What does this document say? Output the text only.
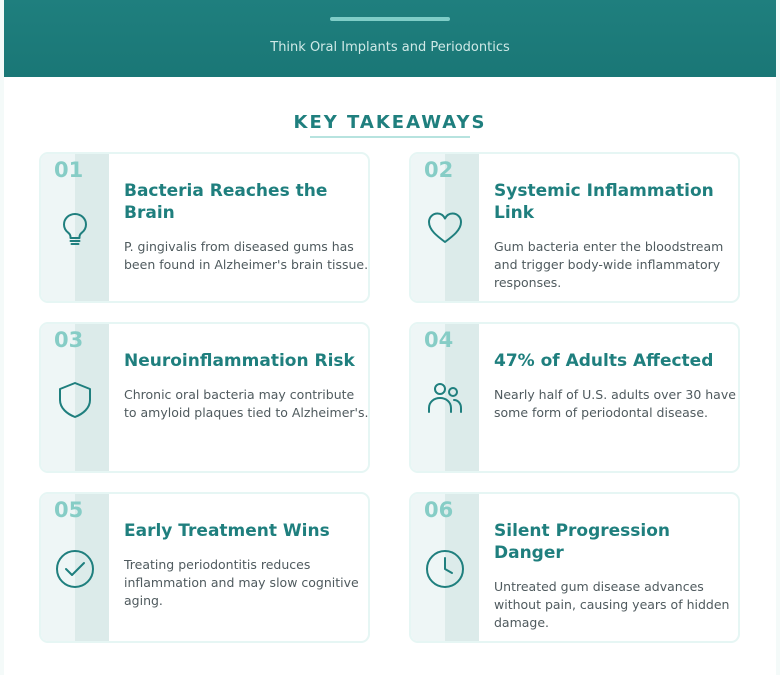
Think Oral Implants and Periodontics
KEY TAKEAWAYS
01
Bacteria Reaches the Brain
P. gingivalis from diseased gums has been found in Alzheimer's brain tissue.
02
Systemic Inflammation Link
Gum bacteria enter the bloodstream and trigger body-wide inflammatory responses.
03
Neuroinflammation Risk
Chronic oral bacteria may contribute to amyloid plaques tied to Alzheimer's.
04
47% of Adults Affected
Nearly half of U.S. adults over 30 have some form of periodontal disease.
05
Early Treatment Wins
Treating periodontitis reduces inflammation and may slow cognitive aging.
06
Silent Progression Danger
Untreated gum disease advances without pain, causing years of hidden damage.
